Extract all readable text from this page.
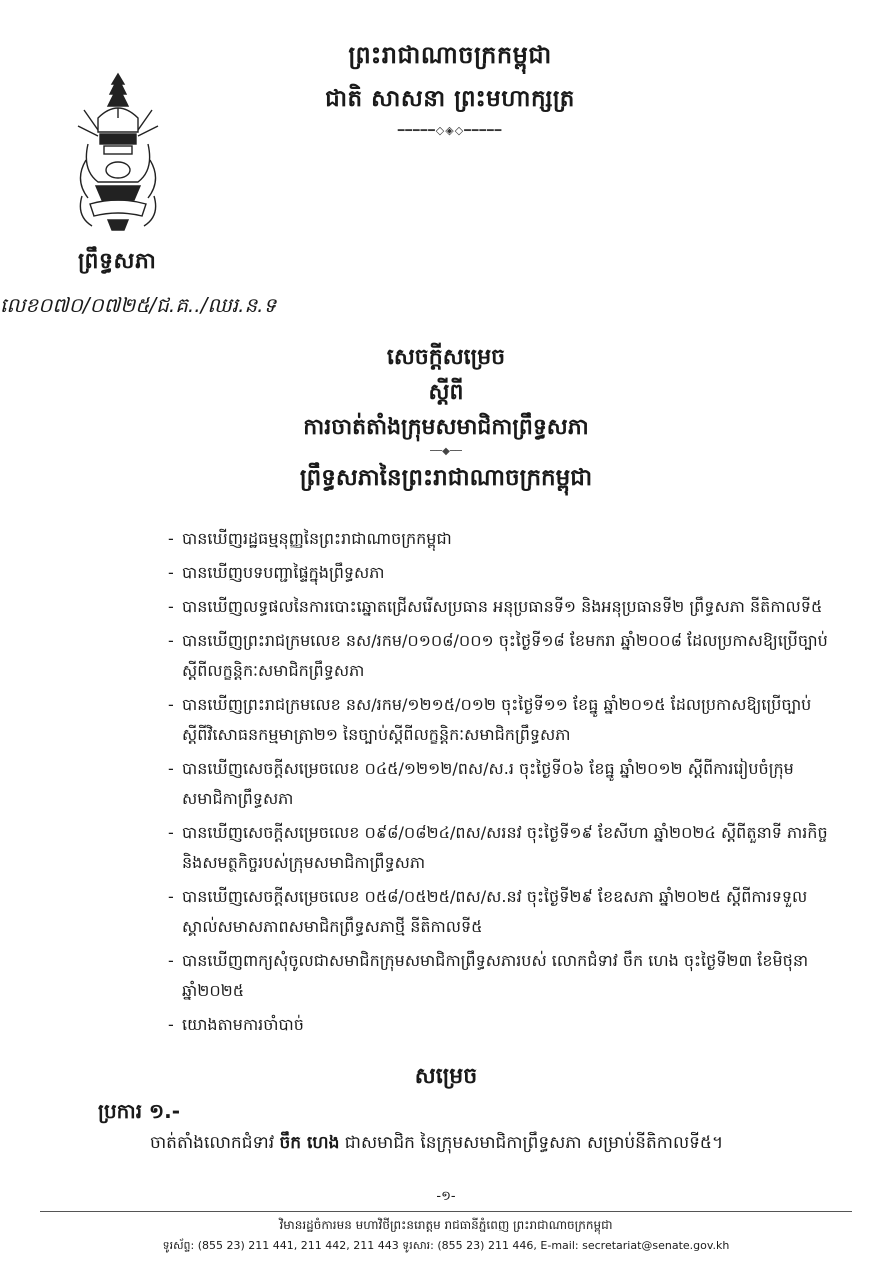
ព្រឹទ្ធសភា
លេខ០៧០/០៧២៥/ជ.គ../ឈរ.ន.ទ
ព្រះរាជាណាចក្រកម្ពុជា
ជាតិ សាសនា ព្រះមហាក្សត្រ
━━━━━◇◈◇━━━━━
សេចក្តីសម្រេច
ស្តីពី
ការចាត់តាំងក្រុមសមាជិកាព្រឹទ្ធសភា
──◆──
ព្រឹទ្ធសភានៃព្រះរាជាណាចក្រកម្ពុជា
- បានឃើញរដ្ឋធម្មនុញ្ញនៃព្រះរាជាណាចក្រកម្ពុជា
- បានឃើញបទបញ្ជាផ្ទៃក្នុងព្រឹទ្ធសភា
- បានឃើញលទ្ធផលនៃការបោះឆ្នោតជ្រើសរើសប្រធាន អនុប្រធានទី១ និងអនុប្រធានទី២ ព្រឹទ្ធសភា នីតិកាលទី៥
- បានឃើញព្រះរាជក្រមលេខ នស/រកម/០១០៨/០០១ ចុះថ្ងៃទី១៨ ខែមករា ឆ្នាំ២០០៨ ដែលប្រកាសឱ្យប្រើច្បាប់ស្តីពីលក្ខន្តិកៈសមាជិកព្រឹទ្ធសភា
- បានឃើញព្រះរាជក្រមលេខ នស/រកម/១២១៥/០១២ ចុះថ្ងៃទី១១ ខែធ្នូ ឆ្នាំ២០១៥ ដែលប្រកាសឱ្យប្រើច្បាប់ស្តីពីវិសោធនកម្មមាត្រា២១ នៃច្បាប់ស្តីពីលក្ខន្តិកៈសមាជិកព្រឹទ្ធសភា
- បានឃើញសេចក្តីសម្រេចលេខ ០៤៥/១២១២/ពស/ស.រ ចុះថ្ងៃទី០៦ ខែធ្នូ ឆ្នាំ២០១២ ស្តីពីការរៀបចំក្រុមសមាជិកាព្រឹទ្ធសភា
- បានឃើញសេចក្តីសម្រេចលេខ ០៩៨/០៨២៤/ពស/សរនវ ចុះថ្ងៃទី១៩ ខែសីហា ឆ្នាំ២០២៤ ស្តីពីតួនាទី ភារកិច្ច និងសមត្ថកិច្ចរបស់ក្រុមសមាជិកាព្រឹទ្ធសភា
- បានឃើញសេចក្តីសម្រេចលេខ ០៥៨/០៥២៥/ពស/ស.នវ ចុះថ្ងៃទី២៩ ខែឧសភា ឆ្នាំ២០២៥ ស្តីពីការទទួលស្គាល់សមាសភាពសមាជិកព្រឹទ្ធសភាថ្មី នីតិកាលទី៥
- បានឃើញពាក្យសុំចូលជាសមាជិកក្រុមសមាជិកាព្រឹទ្ធសភារបស់ លោកជំទាវ ចឹក ហេង ចុះថ្ងៃទី២៣ ខែមិថុនា ឆ្នាំ២០២៥
- យោងតាមការចាំបាច់
សម្រេច
ប្រការ ១.-
ចាត់តាំងលោកជំទាវ ចឹក ហេង ជាសមាជិក នៃក្រុមសមាជិកាព្រឹទ្ធសភា សម្រាប់នីតិកាលទី៥។
-១-
វិមានរដ្ឋចំការមន មហាវិថីព្រះនរោត្តម រាជធានីភ្នំពេញ ព្រះរាជាណាចក្រកម្ពុជា
ទូរស័ព្ទ: (855 23) 211 441, 211 442, 211 443 ទូរសារ: (855 23) 211 446, E-mail: secretariat@senate.gov.kh
